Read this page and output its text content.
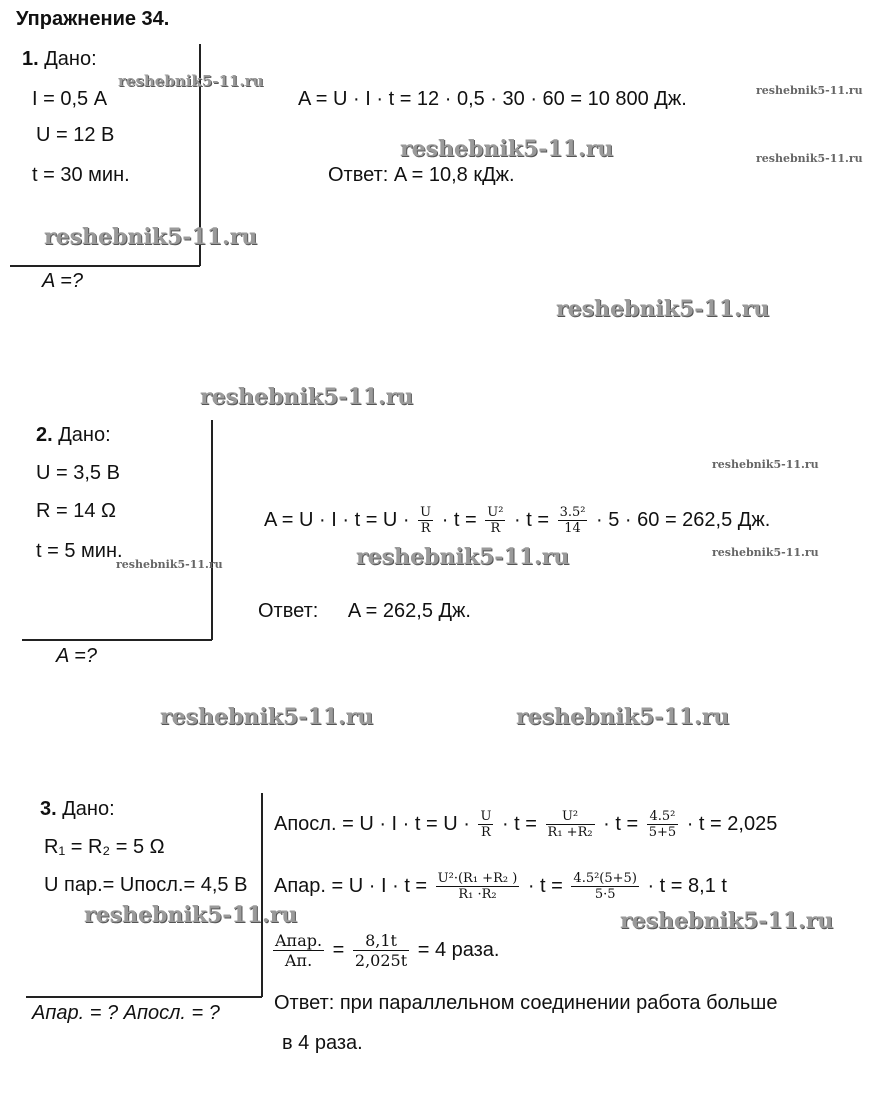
Упражнение 34.
1. Дано:
I = 0,5 А
U = 12 В
t = 30 мин.
A =?
A = U · I · t = 12 · 0,5 · 30 · 60 = 10 800 Дж.
Ответ: A = 10,8 кДж.
2. Дано:
U = 3,5 В
R = 14 Ω
t = 5 мин.
A =?
$A = U \cdot I \cdot t = U \cdot \frac{U}{R} \cdot t = \frac{\text{U²}}{R} \cdot t = \frac{\text{3.5²}}{14} \cdot 5 \cdot 60 = 262,5$ Дж.
Ответ: A = 262,5 Дж.
3. Дано:
R₁ = R₂ = 5 Ω
U пар.= Uпосл.= 4,5 В
Aпар. = ? Aпосл. = ?
Aпосл. = $U \cdot I \cdot t = U \cdot \frac{U}{R} \cdot t = \frac{\text{U²}}{\text{R₁ +R₂}} \cdot t = \frac{\text{4.5²}}{5+5} \cdot t = 2,025$
Aпар. = $U \cdot I \cdot t = \frac{\text{U²·(R₁ +R₂ )}}{\text{R₁ ·R₂}} \cdot t = \frac{\text{4.5²(5+5)}}{5\cdot 5} \cdot t = 8,1$ t
$\frac{\text{Aпар.}}{Aп.} = \frac{8,1t}{2,025t} = 4$ раза.
Ответ: при параллельном соединении работа больше
в 4 раза.
reshebnik5-11.ru
reshebnik5-11.ru
reshebnik5-11.ru	reshebnik5-11.ru
reshebnik5-11.ru
reshebnik5-11.ru
reshebnik5-11.ru
reshebnik5-11.ru
reshebnik5-11.ru	reshebnik5-11.ru
reshebnik5-11.ru
reshebnik5-11.ru	reshebnik5-11.ru
reshebnik5-11.ru	reshebnik5-11.ru
